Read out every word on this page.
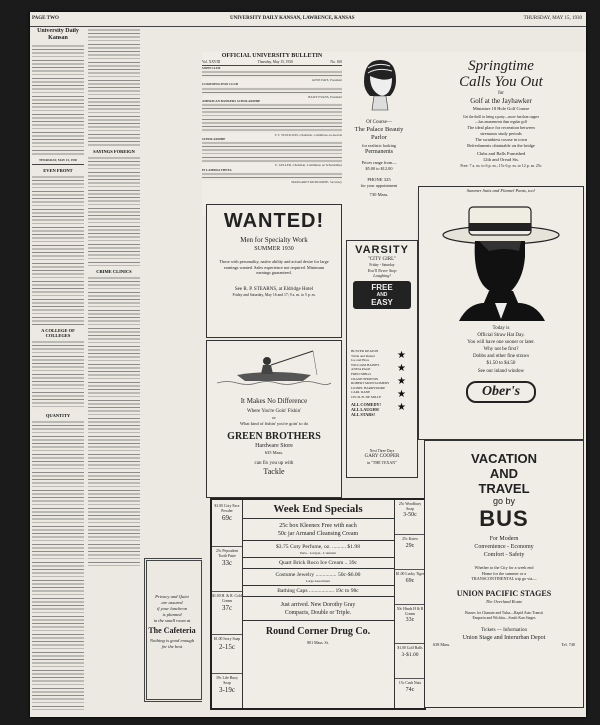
PAGE TWO	UNIVERSITY DAILY KANSAN, LAWRENCE, KANSAS	THURSDAY, MAY 15, 1930
University Daily Kansan
THURSDAY, MAY 15, 1930
EVEN FRONT
A COLLEGE OF COLLEGES
QUANTITY
SAYINGS FOREIGN
CRIME CLINICS
Privacy and Quiet
are assured
if your luncheon
is planned
in the small room at
The Cafeteria
Nothing is good enough
for the best
OFFICIAL UNIVERSITY BULLETIN
Vol. XXVIII	Thursday, May 15, 1930	No. 160
SOPH CLUB
GENE PATE, President
COSMOPOLITAN CLUB
BAILY EVANS, President
AMERICAN BANKERS SCHOLARSHIP
F. T. STOCKTON, Chairman, Committee on Awards
SCHOLARSHIP
E. GELLER, Chairman, Committee on Scholarships
PI LAMBDA THETA
MARGARET KILBOURNE, Secretary
WANTED!
Men for Specialty Work
SUMMER 1930
Those with personality, native ability and actual desire for large earnings wanted. Sales experience not required. Minimum earnings guaranteed.
See R. P. STEARNS, at Eldridge Hotel
Friday and Saturday, May 16 and 17; 9 a. m. to 5 p. m.
It Makes No Difference
Where You're Goin' Fishin'
or
What kind of fishin' you're goin' to do
GREEN BROTHERS
Hardware Store
635 Mass.
can fix you up with
Tackle
Of Course—
The Palace Beauty Parlor
for realistic looking
Permanents
Prices range from—
$5.00 to $12.00
PHONE 325
for your appointment
730 Mass.
VARSITY
"CITY GIRL"
Friday - Saturday
You'll Never Stop
Laughing!
FREE
AND
EASY
BUSTER KEATON
Trixie and Russel
Joe and Hoss
WILLIAM HAINES
ANITA PAGE
FRED NIBLO
CRANE PHOENIX
ROBERT MONTGOMERY
LIONEL BARRYMORE
CARL DANE
CECIL B. DE MILLE
ALL COMEDY!
ALL LAUGHS!
ALL STARS!
★
★
★
★
★
Next Three Days
GARY COOPER
in "THE TEXAN"
Springtime
Calls You Out
for
Golf at the Jayhawker
Miniature 18 Hole Golf Course
Get the thrill in being a party—more fun than supper
—has amusements than regular golf
The ideal place for recreation between
strenuous study periods
The swankiest course in town
Refreshments obtainable on the bridge
Clubs and Balls Furnished
12th and Oread Sts.
Free: 7 a. m. to 6 p. m.; 15c 6 p. m. to 12 p. m. 25c
Summer Suits and Flannel Pants, too!
Today is
Official Straw Hat Day.
You will have one sooner or later.
Why not be first?
Dobbs and other fine straws
$1.50 to $4.50
See our inland window
Ober's
$1.00 Coty Face Powder
69c
25c Pepsodent Tooth Paste
33c
$1.00 H. & R. Cold Cream
37c
$1.00 Ivory Soap
2-15c
39c Life Buoy Soap
3-19c
Week End Specials
25c box Kleenex Free with each
50c jar Armand Cleansing Cream
$3.75 Coty Perfume, oz. .......... $1.98
Paris - Lorigan - L'Aimant
Quart Brick Roco Ice Cream .. 39c
Costume Jewelry ............... 50c-$6.00
Large Assortment
Bathing Caps .................. 19c to 98c
Just arrived. New Dorothy Gray
Compacts, Double or Triple.
Round Corner Drug Co.
801 Mass. St.
25c Woodbury Soap
3-50c
25c Kotex
29c
$1.00 Lucky Tiger
69c
50c Hinds H & R Cream
33c
$1.00 Golf Balls
3-$1.00
15c Cash Nuts
74c
VACATION
AND
TRAVEL
go by
BUS
For Modern
Convenience - Economy
Comfort - Safety
Whether to the City for a week end
Home for the summer or a
TRANSCONTINENTAL trip go via—
UNION PACIFIC STAGES
The Overland Route
Busses for Chanute and Tulsa—Rapid Auto Transit
Emporia and Wichita—South Kan Stages
Tickets — Information
Union Stage and Interurban Depot
638 Mass.	Tel. 740
